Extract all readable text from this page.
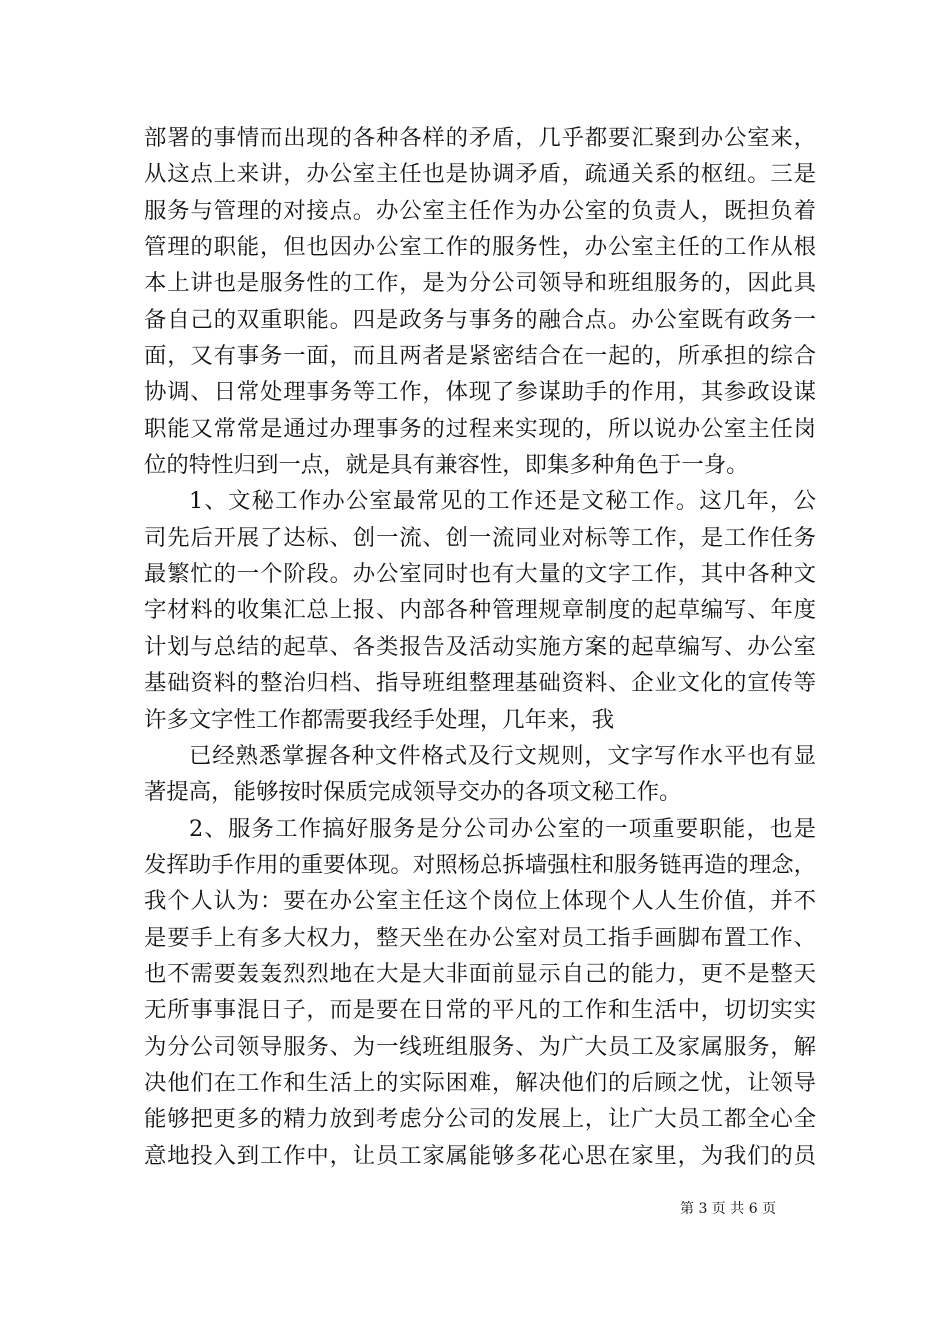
部署的事情而出现的各种各样的矛盾，几乎都要汇聚到办公室来，
从这点上来讲，办公室主任也是协调矛盾，疏通关系的枢纽。三是
服务与管理的对接点。办公室主任作为办公室的负责人，既担负着
管理的职能，但也因办公室工作的服务性，办公室主任的工作从根
本上讲也是服务性的工作，是为分公司领导和班组服务的，因此具
备自己的双重职能。四是政务与事务的融合点。办公室既有政务一
面，又有事务一面，而且两者是紧密结合在一起的，所承担的综合
协调、日常处理事务等工作，体现了参谋助手的作用，其参政设谋
职能又常常是通过办理事务的过程来实现的，所以说办公室主任岗
位的特性归到一点，就是具有兼容性，即集多种角色于一身。
1、文秘工作办公室最常见的工作还是文秘工作。这几年，公
司先后开展了达标、创一流、创一流同业对标等工作，是工作任务
最繁忙的一个阶段。办公室同时也有大量的文字工作，其中各种文
字材料的收集汇总上报、内部各种管理规章制度的起草编写、年度
计划与总结的起草、各类报告及活动实施方案的起草编写、办公室
基础资料的整治归档、指导班组整理基础资料、企业文化的宣传等
许多文字性工作都需要我经手处理，几年来，我
已经熟悉掌握各种文件格式及行文规则，文字写作水平也有显
著提高，能够按时保质完成领导交办的各项文秘工作。
2、服务工作搞好服务是分公司办公室的一项重要职能，也是
发挥助手作用的重要体现。对照杨总拆墙强柱和服务链再造的理念，
我个人认为：要在办公室主任这个岗位上体现个人人生价值，并不
是要手上有多大权力，整天坐在办公室对员工指手画脚布置工作、
也不需要轰轰烈烈地在大是大非面前显示自己的能力，更不是整天
无所事事混日子，而是要在日常的平凡的工作和生活中，切切实实
为分公司领导服务、为一线班组服务、为广大员工及家属服务，解
决他们在工作和生活上的实际困难，解决他们的后顾之忧，让领导
能够把更多的精力放到考虑分公司的发展上，让广大员工都全心全
意地投入到工作中，让员工家属能够多花心思在家里，为我们的员
第 3 页 共 6 页
